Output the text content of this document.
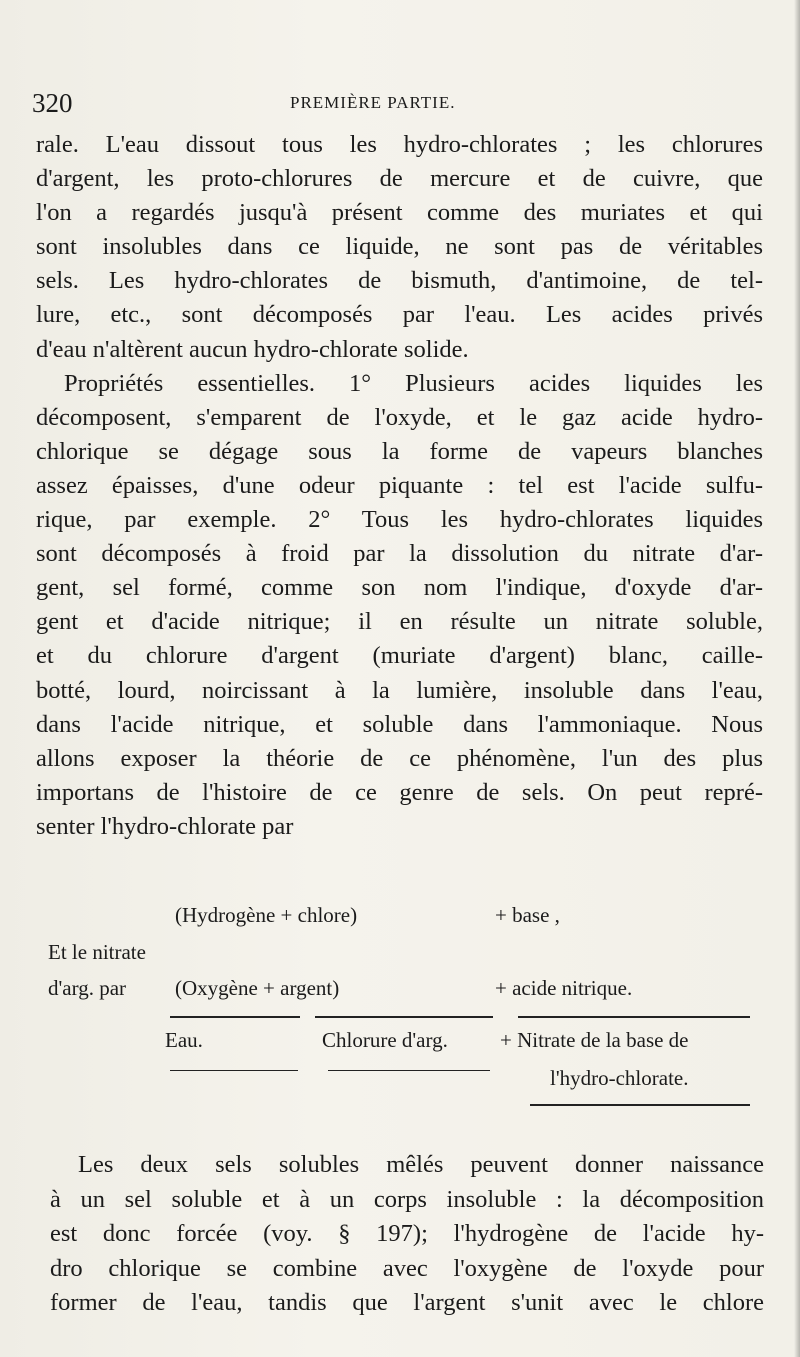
320	PREMIÈRE PARTIE.
rale. L'eau dissout tous les hydro-chlorates ; les chlorures
d'argent, les proto-chlorures de mercure et de cuivre, que
l'on a regardés jusqu'à présent comme des muriates et qui
sont insolubles dans ce liquide, ne sont pas de véritables
sels. Les hydro-chlorates de bismuth, d'antimoine, de tel-
lure, etc., sont décomposés par l'eau. Les acides privés
d'eau n'altèrent aucun hydro-chlorate solide.
Propriétés essentielles. 1° Plusieurs acides liquides les
décomposent, s'emparent de l'oxyde, et le gaz acide hydro-
chlorique se dégage sous la forme de vapeurs blanches
assez épaisses, d'une odeur piquante : tel est l'acide sulfu-
rique, par exemple. 2° Tous les hydro-chlorates liquides
sont décomposés à froid par la dissolution du nitrate d'ar-
gent, sel formé, comme son nom l'indique, d'oxyde d'ar-
gent et d'acide nitrique; il en résulte un nitrate soluble,
et du chlorure d'argent (muriate d'argent) blanc, caille-
botté, lourd, noircissant à la lumière, insoluble dans l'eau,
dans l'acide nitrique, et soluble dans l'ammoniaque. Nous
allons exposer la théorie de ce phénomène, l'un des plus
importans de l'histoire de ce genre de sels. On peut repré-
senter l'hydro-chlorate par
(Hydrogène + chlore)	+ base ,
Et le nitrate
d'arg. par (Oxygène + argent)	+ acide nitrique.
Eau.	Chlorure d'arg. + Nitrate de la base de
l'hydro-chlorate.
Les deux sels solubles mêlés peuvent donner naissance
à un sel soluble et à un corps insoluble : la décomposition
est donc forcée (voy. § 197); l'hydrogène de l'acide hy-
dro chlorique se combine avec l'oxygène de l'oxyde pour
former de l'eau, tandis que l'argent s'unit avec le chlore
